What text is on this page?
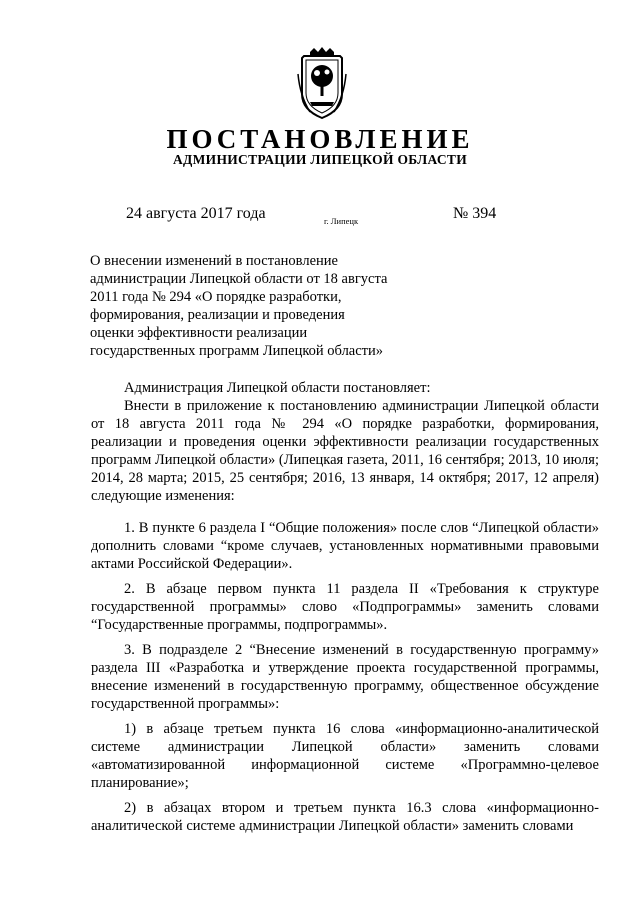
ПОСТАНОВЛЕНИЕ
АДМИНИСТРАЦИИ ЛИПЕЦКОЙ ОБЛАСТИ
24 августа 2017 года	г. Липецк	№ 394
О внесении изменений в постановление
администрации Липецкой области от 18 августа
2011 года № 294 «О порядке разработки,
формирования, реализации и проведения
оценки эффективности реализации
государственных программ Липецкой области»

Администрация Липецкой области постановляет:

Внести в приложение к постановлению администрации Липецкой области от 18 августа 2011 года № 294 «О порядке разработки, формирования, реализации и проведения оценки эффективности реализации государственных программ Липецкой области» (Липецкая газета, 2011, 16 сентября; 2013, 10 июля; 2014, 28 марта; 2015, 25 сентября; 2016, 13 января, 14 октября; 2017, 12 апреля) следующие изменения:

1. В пункте 6 раздела I “Общие положения» после слов “Липецкой области» дополнить словами “кроме случаев, установленных нормативными правовыми актами Российской Федерации».

2. В абзаце первом пункта 11 раздела II «Требования к структуре государственной программы» слово «Подпрограммы» заменить словами “Государственные программы, подпрограммы».

3. В подразделе 2 “Внесение изменений в государственную программу» раздела III «Разработка и утверждение проекта государственной программы, внесение изменений в государственную программу, общественное обсуждение государственной программы»:

1) в абзаце третьем пункта 16 слова «информационно-аналитической системе администрации Липецкой области» заменить словами «автоматизированной информационной системе «Программно-целевое планирование»;

2) в абзацах втором и третьем пункта 16.3 слова «информационно-аналитической системе администрации Липецкой области» заменить словами
